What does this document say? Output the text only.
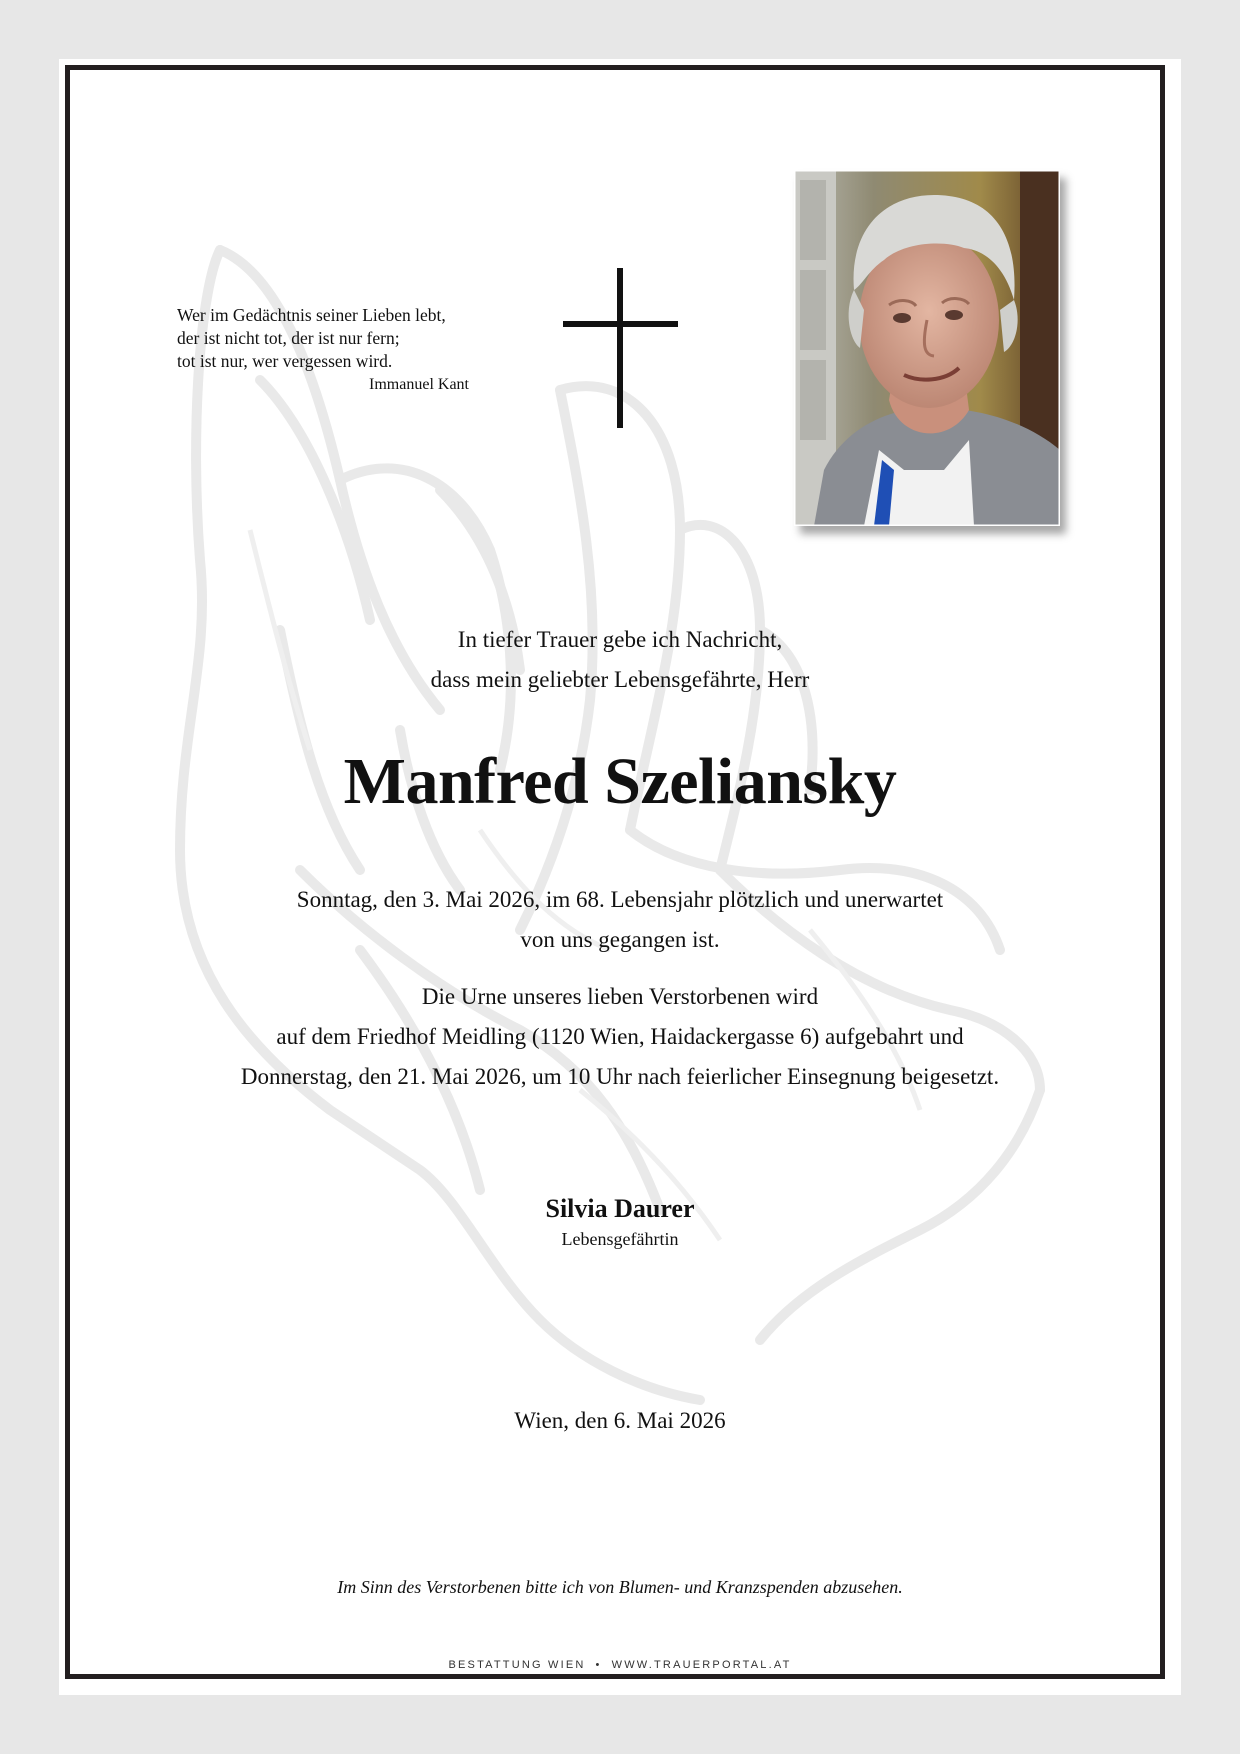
Wer im Gedächtnis seiner Lieben lebt,
der ist nicht tot, der ist nur fern;
tot ist nur, wer vergessen wird.
Immanuel Kant
In tiefer Trauer gebe ich Nachricht,
dass mein geliebter Lebensgefährte, Herr
Manfred Szeliansky
Sonntag, den 3. Mai 2026, im 68. Lebensjahr plötzlich und unerwartet
von uns gegangen ist.
Die Urne unseres lieben Verstorbenen wird
auf dem Friedhof Meidling (1120 Wien, Haidackergasse 6) aufgebahrt und
Donnerstag, den 21. Mai 2026, um 10 Uhr nach feierlicher Einsegnung beigesetzt.
Silvia Daurer
Lebensgefährtin
Wien, den 6. Mai 2026
Im Sinn des Verstorbenen bitte ich von Blumen- und Kranzspenden abzusehen.
BESTATTUNG WIEN • WWW.TRAUERPORTAL.AT
